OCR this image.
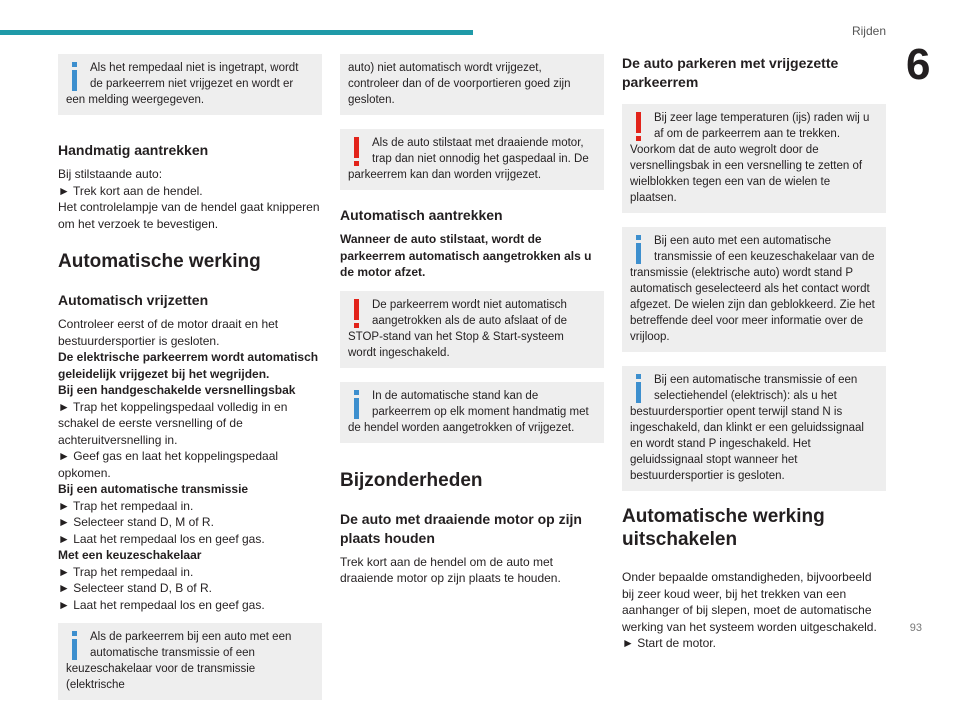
Rijden
6
Als het rempedaal niet is ingetrapt, wordt de parkeerrem niet vrijgezet en wordt er een melding weergegeven.
Handmatig aantrekken

Bij stilstaande auto:

► Trek kort aan de hendel.

Het controlelampje van de hendel gaat knipperen om het verzoek te bevestigen.

Automatische werking
Automatisch vrijzetten

Controleer eerst of de motor draait en het bestuurdersportier is gesloten.

De elektrische parkeerrem wordt automatisch geleidelijk vrijgezet bij het wegrijden.

Bij een handgeschakelde versnellingsbak

► Trap het koppelingspedaal volledig in en schakel de eerste versnelling of de achteruitversnelling in.

► Geef gas en laat het koppelingspedaal opkomen.

Bij een automatische transmissie

► Trap het rempedaal in.

► Selecteer stand D, M of R.

► Laat het rempedaal los en geef gas.

Met een keuzeschakelaar

► Trap het rempedaal in.

► Selecteer stand D, B of R.

► Laat het rempedaal los en geef gas.

Als de parkeerrem bij een auto met een automatische transmissie of een keuzeschakelaar voor de transmissie (elektrische
auto) niet automatisch wordt vrijgezet, controleer dan of de voorportieren goed zijn gesloten.
Als de auto stilstaat met draaiende motor, trap dan niet onnodig het gaspedaal in. De parkeerrem kan dan worden vrijgezet.
Automatisch aantrekken

Wanneer de auto stilstaat, wordt de parkeerrem automatisch aangetrokken als u de motor afzet.

De parkeerrem wordt niet automatisch aangetrokken als de auto afslaat of de STOP-stand van het Stop & Start-systeem wordt ingeschakeld.
In de automatische stand kan de parkeerrem op elk moment handmatig met de hendel worden aangetrokken of vrijgezet.
Bijzonderheden
De auto met draaiende motor op zijn plaats houden

Trek kort aan de hendel om de auto met draaiende motor op zijn plaats te houden.

De auto parkeren met vrijgezette parkeerrem
Bij zeer lage temperaturen (ijs) raden wij u af om de parkeerrem aan te trekken. Voorkom dat de auto wegrolt door de versnellingsbak in een versnelling te zetten of wielblokken tegen een van de wielen te plaatsen.
Bij een auto met een automatische transmissie of een keuzeschakelaar van de transmissie (elektrische auto) wordt stand P automatisch geselecteerd als het contact wordt afgezet. De wielen zijn dan geblokkeerd. Zie het betreffende deel voor meer informatie over de vrijloop.
Bij een automatische transmissie of een selectiehendel (elektrisch): als u het bestuurdersportier opent terwijl stand N is ingeschakeld, dan klinkt er een geluidssignaal en wordt stand P ingeschakeld. Het geluidssignaal stopt wanneer het bestuurdersportier is gesloten.
Automatische werking uitschakelen

Onder bepaalde omstandigheden, bijvoorbeeld bij zeer koud weer, bij het trekken van een aanhanger of bij slepen, moet de automatische werking van het systeem worden uitgeschakeld.

► Start de motor.

93
